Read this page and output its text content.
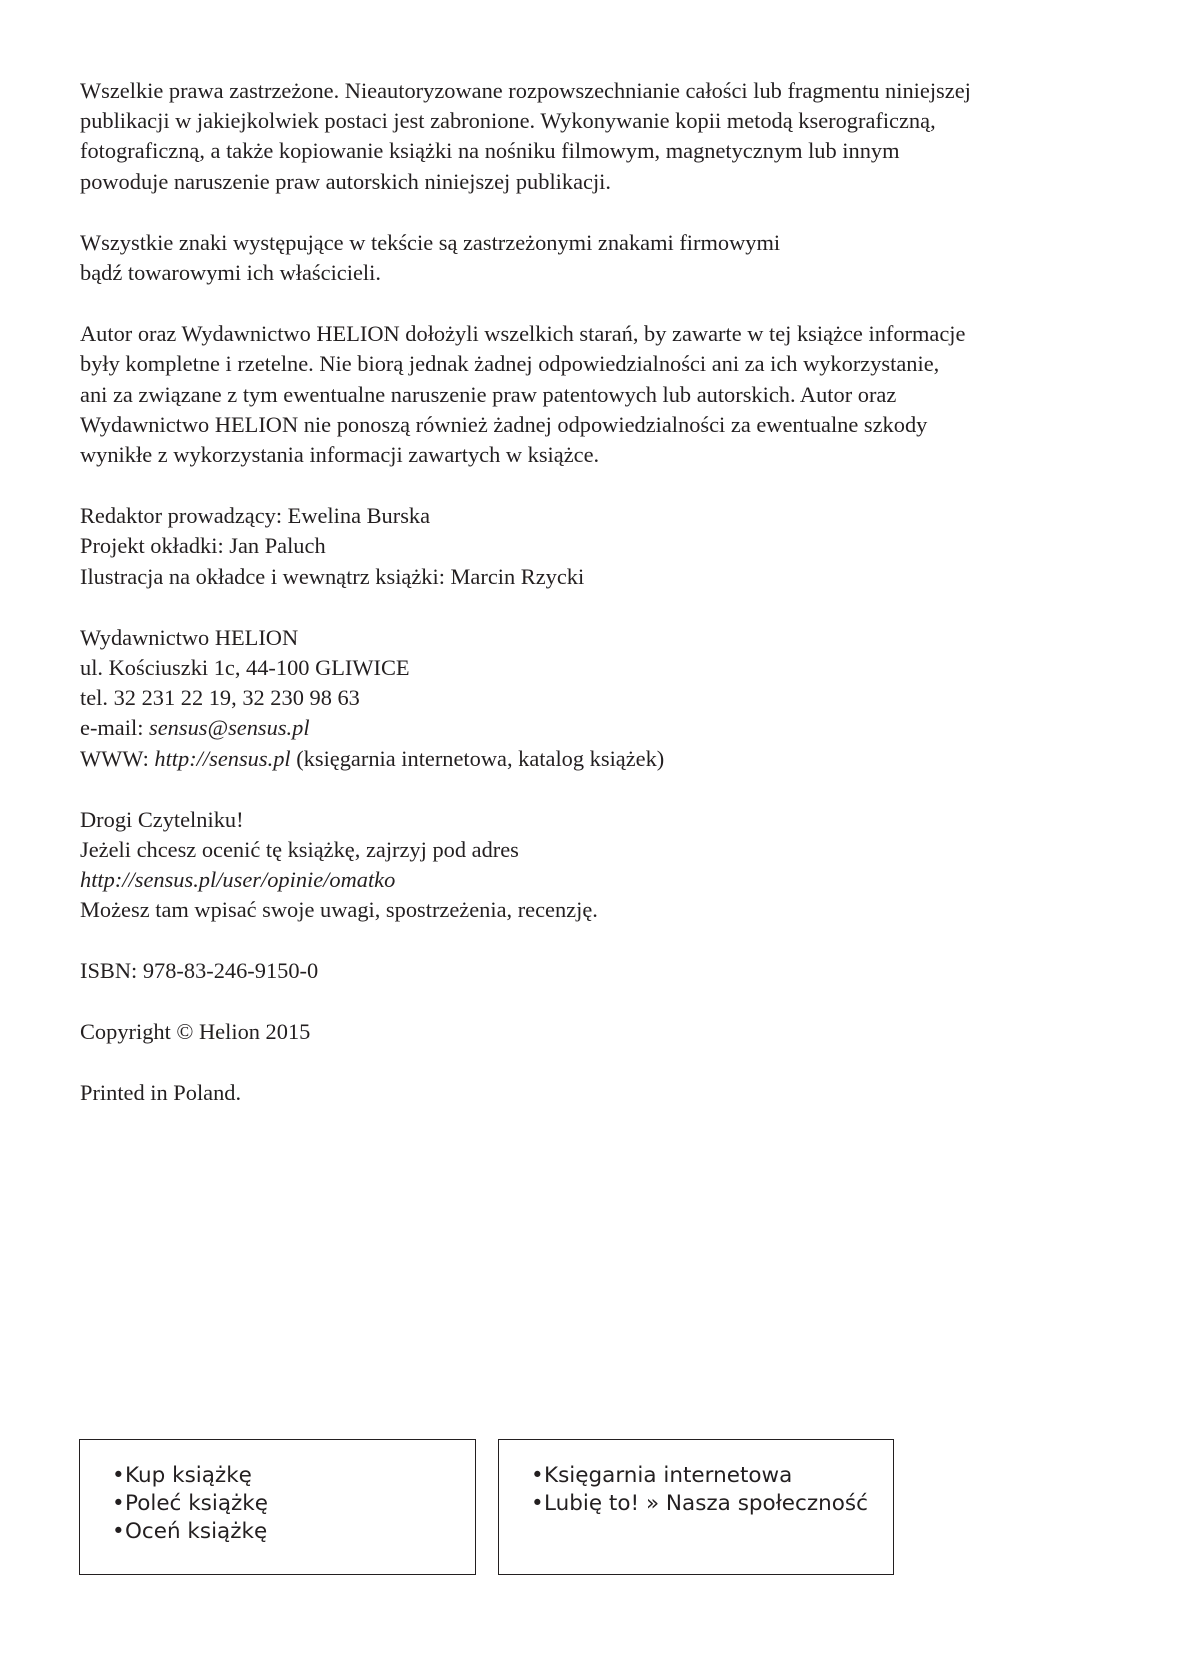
Wszelkie prawa zastrzeżone. Nieautoryzowane rozpowszechnianie całości lub fragmentu niniejszej
publikacji w jakiejkolwiek postaci jest zabronione. Wykonywanie kopii metodą kserograficzną,
fotograficzną, a także kopiowanie książki na nośniku filmowym, magnetycznym lub innym
powoduje naruszenie praw autorskich niniejszej publikacji.

Wszystkie znaki występujące w tekście są zastrzeżonymi znakami firmowymi
bądź towarowymi ich właścicieli.

Autor oraz Wydawnictwo HELION dołożyli wszelkich starań, by zawarte w tej książce informacje
były kompletne i rzetelne. Nie biorą jednak żadnej odpowiedzialności ani za ich wykorzystanie,
ani za związane z tym ewentualne naruszenie praw patentowych lub autorskich. Autor oraz
Wydawnictwo HELION nie ponoszą również żadnej odpowiedzialności za ewentualne szkody
wynikłe z wykorzystania informacji zawartych w książce.

Redaktor prowadzący: Ewelina Burska
Projekt okładki: Jan Paluch
Ilustracja na okładce i wewnątrz książki: Marcin Rzycki

Wydawnictwo HELION
ul. Kościuszki 1c, 44-100 GLIWICE
tel. 32 231 22 19, 32 230 98 63
e-mail: sensus@sensus.pl
WWW: http://sensus.pl (księgarnia internetowa, katalog książek)

Drogi Czytelniku!
Jeżeli chcesz ocenić tę książkę, zajrzyj pod adres
http://sensus.pl/user/opinie/omatko
Możesz tam wpisać swoje uwagi, spostrzeżenia, recenzję.

ISBN: 978-83-246-9150-0

Copyright © Helion 2015

Printed in Poland.

•Kup książkę
•Poleć książkę
•Oceń książkę
•Księgarnia internetowa
•Lubię to! » Nasza społeczność
